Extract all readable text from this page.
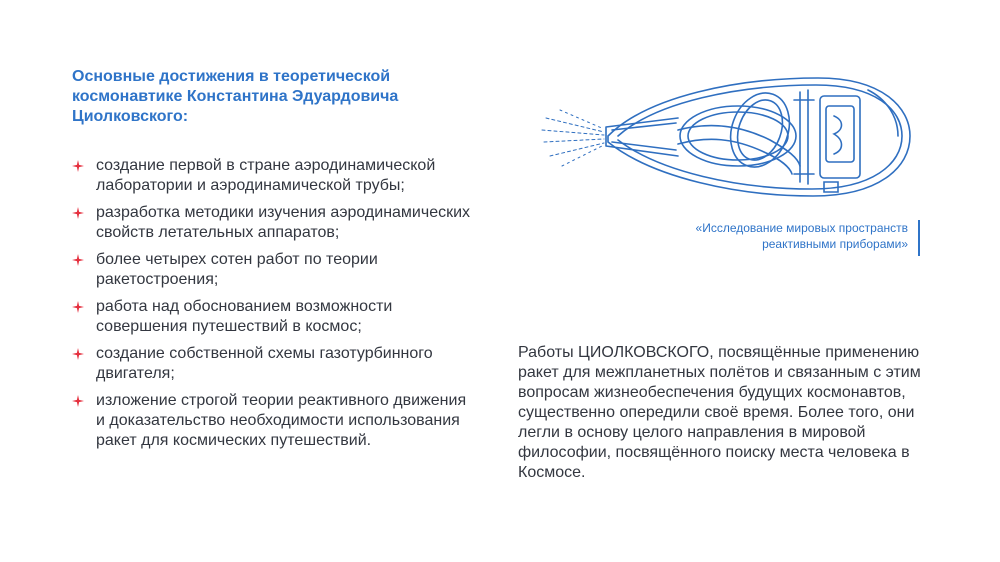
Основные достижения в теоретической космонавтике Константина Эдуардовича Циолковского:
создание первой в стране аэродинамической лаборатории и аэродинамической трубы;
разработка методики изучения аэродинамических свойств летательных аппаратов;
более четырех сотен работ по теории ракетостроения;
работа над обоснованием возможности совершения путешествий в космос;
создание собственной схемы газотурбинного двигателя;
изложение строгой теории реактивного движения и доказательство необходимости использования ракет для космических путешествий.
«Исследование мировых пространств реактивными приборами»

Работы ЦИОЛКОВСКОГО, посвящённые применению ракет для межпланетных полётов и связанным с этим вопросам жизнеобеспечения будущих космонавтов, существенно опередили своё время. Более того, они легли в основу целого направления в мировой философии, посвящённого поиску места человека в Космосе.
